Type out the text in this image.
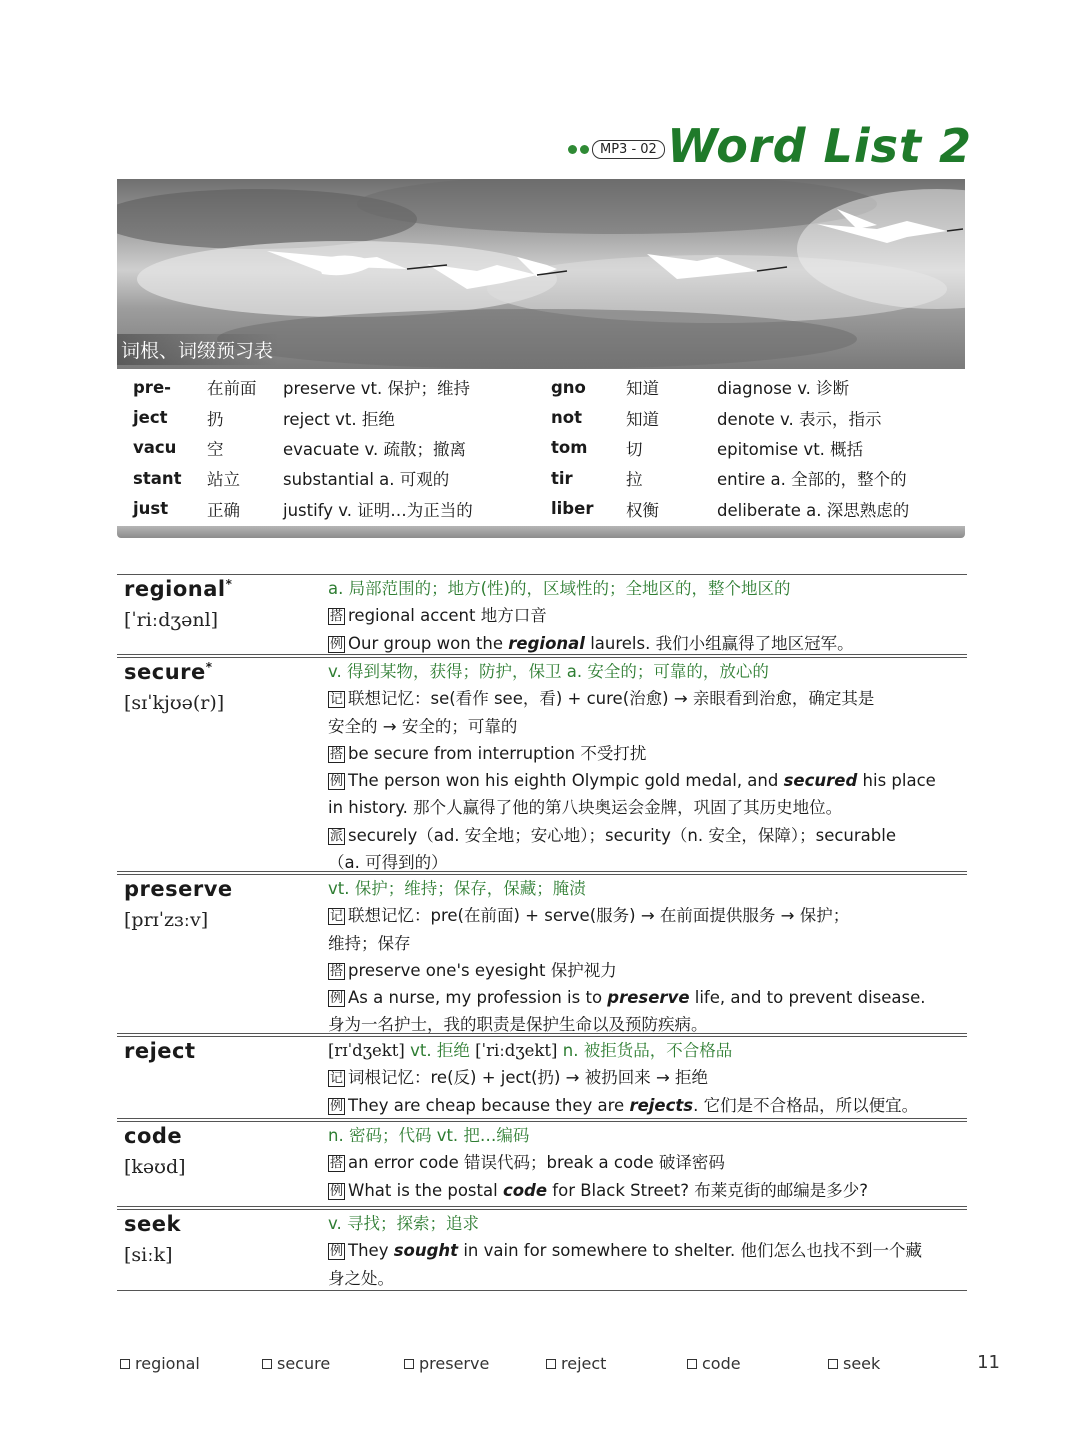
MP3 - 02 Word List 2
词根、词缀预习表
pre-	在前面	preserve vt. 保护；维持	gno	知道	diagnose v. 诊断
ject	扔	reject vt. 拒绝	not	知道	denote v. 表示，指示
vacu	空	evacuate v. 疏散；撤离	tom	切	epitomise vt. 概括
stant	站立	substantial a. 可观的	tir	拉	entire a. 全部的，整个的
just	正确	justify v. 证明…为正当的	liber	权衡	deliberate a. 深思熟虑的
regional*
[ˈriːdʒənl]
a. 局部范围的；地方(性)的，区域性的；全地区的，整个地区的
搭 regional accent 地方口音
例 Our group won the regional laurels. 我们小组赢得了地区冠军。
secure*
[sɪˈkjʊə(r)]
v. 得到某物，获得；防护，保卫 a. 安全的；可靠的，放心的
记 联想记忆：se(看作 see，看) + cure(治愈) → 亲眼看到治愈，确定其是
安全的 → 安全的；可靠的
搭 be secure from interruption 不受打扰
例 The person won his eighth Olympic gold medal, and secured his place
in history. 那个人赢得了他的第八块奥运会金牌，巩固了其历史地位。
派 securely（ad. 安全地；安心地）；security（n. 安全，保障）；securable
（a. 可得到的）
preserve
[prɪˈzɜːv]
vt. 保护；维持；保存，保藏；腌渍
记 联想记忆：pre(在前面) + serve(服务) → 在前面提供服务 → 保护；
维持；保存
搭 preserve one's eyesight 保护视力
例 As a nurse, my profession is to preserve life, and to prevent disease.
身为一名护士，我的职责是保护生命以及预防疾病。
reject	[rɪˈdʒekt] vt. 拒绝 [ˈriːdʒekt] n. 被拒货品，不合格品
记 词根记忆：re(反) + ject(扔) → 被扔回来 → 拒绝
例 They are cheap because they are rejects. 它们是不合格品，所以便宜。
code
[kəʊd]
n. 密码；代码 vt. 把…编码
搭 an error code 错误代码；break a code 破译密码
例 What is the postal code for Black Street? 布莱克街的邮编是多少?
seek
[siːk]
v. 寻找；探索；追求
例 They sought in vain for somewhere to shelter. 他们怎么也找不到一个藏
身之处。
regional	secure	preserve	reject	code	seek	11
